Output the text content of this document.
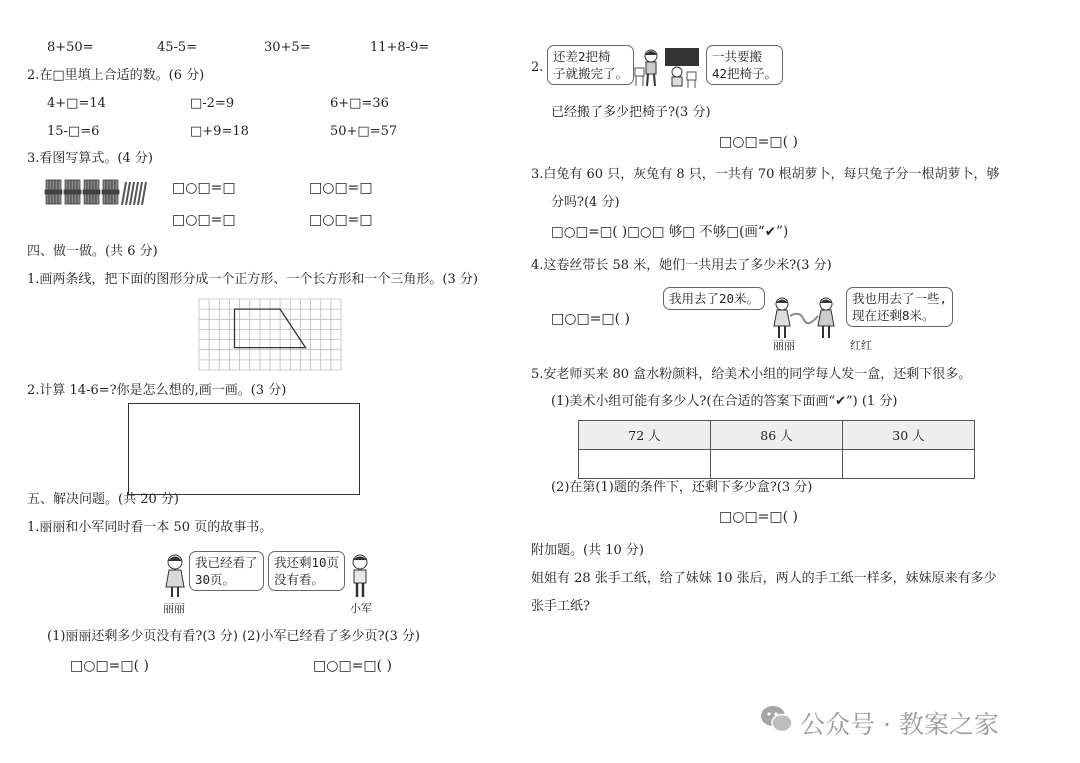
8+50=	45-5=	30+5=	11+8-9=
2.在□里填上合适的数。(6 分)
4+□=14	□-2=9	6+□=36
15-□=6	□+9=18	50+□=57
3.看图写算式。(4 分)
□○□=□	□○□=□
□○□=□	□○□=□
四、做一做。(共 6 分)
1.画两条线，把下面的图形分成一个正方形、一个长方形和一个三角形。(3 分)
2.计算 14-6=?你是怎么想的,画一画。(3 分)
五、解决问题。(共 20 分)
1.丽丽和小军同时看一本 50 页的故事书。
丽丽
我已经看了
30页。
我还剩10页
没有看。
小军
(1)丽丽还剩多少页没有看?(3 分) (2)小军已经看了多少页?(3 分)
□○□=□( )	□○□=□( )
2.
还差2把椅
子就搬完了。
一共要搬
42把椅子。
已经搬了多少把椅子?(3 分)
□○□=□( )
3.白兔有 60 只，灰兔有 8 只，一共有 70 根胡萝卜，每只兔子分一根胡萝卜，够
分吗?(4 分)
□○□=□( )□○□ 够□ 不够□(画“✔”)
4.这卷丝带长 58 米，她们一共用去了多少米?(3 分)
我用去了20米。	我也用去了一些,
现在还剩8米。
丽丽	红红
□○□=□( )
5.安老师买来 80 盒水粉颜料，给美术小组的同学每人发一盒，还剩下很多。
(1)美术小组可能有多少人?(在合适的答案下面画“✔”) (1 分)
72 人	86 人	30 人

(2)在第(1)题的条件下，还剩下多少盒?(3 分)
□○□=□( )
附加题。(共 10 分)
姐姐有 28 张手工纸，给了妹妹 10 张后，两人的手工纸一样多，妹妹原来有多少
张手工纸?
公众号 · 教案之家
